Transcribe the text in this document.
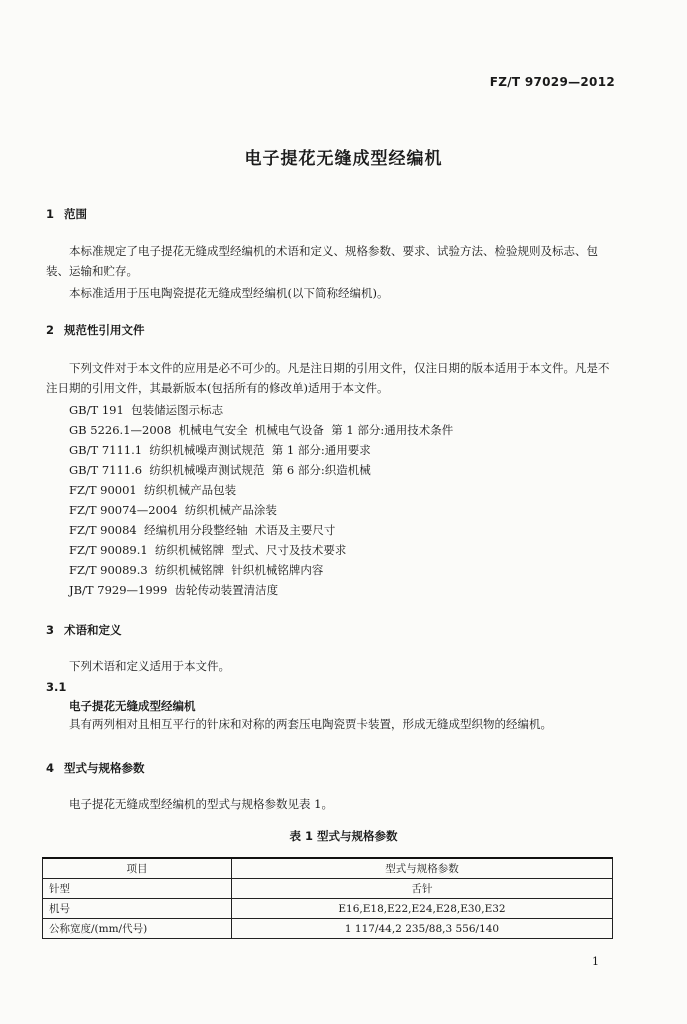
FZ/T 97029—2012
电子提花无缝成型经编机
1 范围
本标准规定了电子提花无缝成型经编机的术语和定义、规格参数、要求、试验方法、检验规则及标志、包装、运输和贮存。
本标准适用于压电陶瓷提花无缝成型经编机(以下简称经编机)。
2 规范性引用文件
下列文件对于本文件的应用是必不可少的。凡是注日期的引用文件，仅注日期的版本适用于本文件。凡是不注日期的引用文件，其最新版本(包括所有的修改单)适用于本文件。
GB/T 191  包装储运图示标志
GB 5226.1—2008  机械电气安全  机械电气设备  第 1 部分:通用技术条件
GB/T 7111.1  纺织机械噪声测试规范  第 1 部分:通用要求
GB/T 7111.6  纺织机械噪声测试规范  第 6 部分:织造机械
FZ/T 90001  纺织机械产品包装
FZ/T 90074—2004  纺织机械产品涂装
FZ/T 90084  经编机用分段整经轴  术语及主要尺寸
FZ/T 90089.1  纺织机械铭牌  型式、尺寸及技术要求
FZ/T 90089.3  纺织机械铭牌  针织机械铭牌内容
JB/T 7929—1999  齿轮传动装置清洁度
3 术语和定义
下列术语和定义适用于本文件。
3.1
电子提花无缝成型经编机
具有两列相对且相互平行的针床和对称的两套压电陶瓷贾卡装置，形成无缝成型织物的经编机。
4 型式与规格参数
电子提花无缝成型经编机的型式与规格参数见表 1。
表 1 型式与规格参数
项目	型式与规格参数
针型	舌针
机号	E16,E18,E22,E24,E28,E30,E32
公称宽度/(mm/代号)	1 117/44,2 235/88,3 556/140
1
